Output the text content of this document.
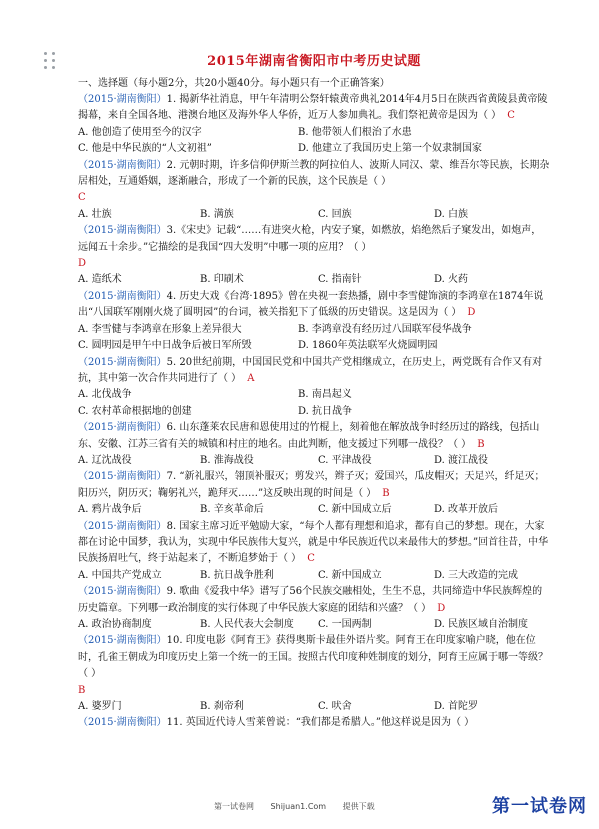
2015年湖南省衡阳市中考历史试题
一、选择题（每小题2分，共20小题40分。每小题只有一个正确答案）
（2015·湖南衡阳）1. 揭新华社消息，甲午年清明公祭轩辕黄帝典礼2014年4月5日在陕西省黄陵县黄帝陵揭幕，来自全国各地、港澳台地区及海外华人华侨，近万人参加典礼。我们祭祀黄帝是因为（ ） C
A. 他创造了使用至今的汉字	B. 他带领人们根治了水患
C. 他是中华民族的“人文初祖”	D. 他建立了我国历史上第一个奴隶制国家
（2015·湖南衡阳）2. 元朝时期，许多信仰伊斯兰教的阿拉伯人、波斯人同汉、蒙、维吾尔等民族，长期杂居相处，互通婚姻，逐渐融合，形成了一个新的民族，这个民族是（ ）
C
A. 壮族	B. 满族	C. 回族	D. 白族
（2015·湖南衡阳）3.《宋史》记载“……有进突火枪，内安子窠，如燃放，焰绝然后子窠发出，如炮声，远闻五十余步。”它描绘的是我国“四大发明”中哪一项的应用？（ ）
D
A. 造纸术	B. 印刷术	C. 指南针	D. 火药
（2015·湖南衡阳）4. 历史大戏《台湾·1895》曾在央视一套热播，剧中李雪健饰演的李鸿章在1874年说出“八国联军刚刚火烧了圆明园”的台词，被关指犯下了低级的历史错误。这是因为（ ） D
A. 李雪健与李鸿章在形象上差异很大	B. 李鸿章没有经历过八国联军侵华战争
C. 圆明园是甲午中日战争后被日军所毁	D. 1860年英法联军火烧圆明园
（2015·湖南衡阳）5. 20世纪前期，中国国民党和中国共产党相继成立，在历史上，两党既有合作又有对抗，其中第一次合作共同进行了（ ） A
A. 北伐战争	B. 南昌起义
C. 农村革命根据地的创建	D. 抗日战争
（2015·湖南衡阳）6. 山东蓬莱农民唐和恩使用过的竹棍上，刻着他在解放战争时经历过的路线，包括山东、安徽、江苏三省有关的城镇和村庄的地名。由此判断，他支援过下列哪一战役？（ ） B
A. 辽沈战役	B. 淮海战役	C. 平津战役	D. 渡江战役
（2015·湖南衡阳）7. “新礼服兴，翎顶补服灭；剪发兴，辫子灭；爱国兴，瓜皮帽灭；天足兴，纤足灭；阳历兴，阴历灭；鞠躬礼兴，跪拜灭……”这反映出现的时间是（ ） B
A. 鸦片战争后	B. 辛亥革命后	C. 新中国成立后	D. 改革开放后
（2015·湖南衡阳）8. 国家主席习近平勉励大家，“每个人都有理想和追求，都有自己的梦想。现在，大家都在讨论中国梦，我认为，实现中华民族伟大复兴，就是中华民族近代以来最伟大的梦想。”回首往昔，中华民族扬眉吐气，终于站起来了，不断追梦始于（ ） C
A. 中国共产党成立	B. 抗日战争胜利	C. 新中国成立	D. 三大改造的完成
（2015·湖南衡阳）9. 歌曲《爱我中华》谱写了56个民族交融相处，生生不息，共同缔造中华民族辉煌的历史篇章。下列哪一政治制度的实行体现了中华民族大家庭的团结和兴盛？（ ） D
A. 政治协商制度	B. 人民代表大会制度	C. 一国两制	D. 民族区域自治制度
（2015·湖南衡阳）10. 印度电影《阿育王》获得奥斯卡最佳外语片奖。阿育王在印度家喻户晓，他在位时，孔雀王朝成为印度历史上第一个统一的王国。按照古代印度种姓制度的划分，阿育王应属于哪一等级？（ ）
B
A. 婆罗门	B. 刹帝利	C. 吠舍	D. 首陀罗
（2015·湖南衡阳）11. 英国近代诗人雪莱曾说：“我们都是希腊人。”他这样说是因为（ ）
第一试卷网 Shijuan1.Com 提供下载	第一试卷网
